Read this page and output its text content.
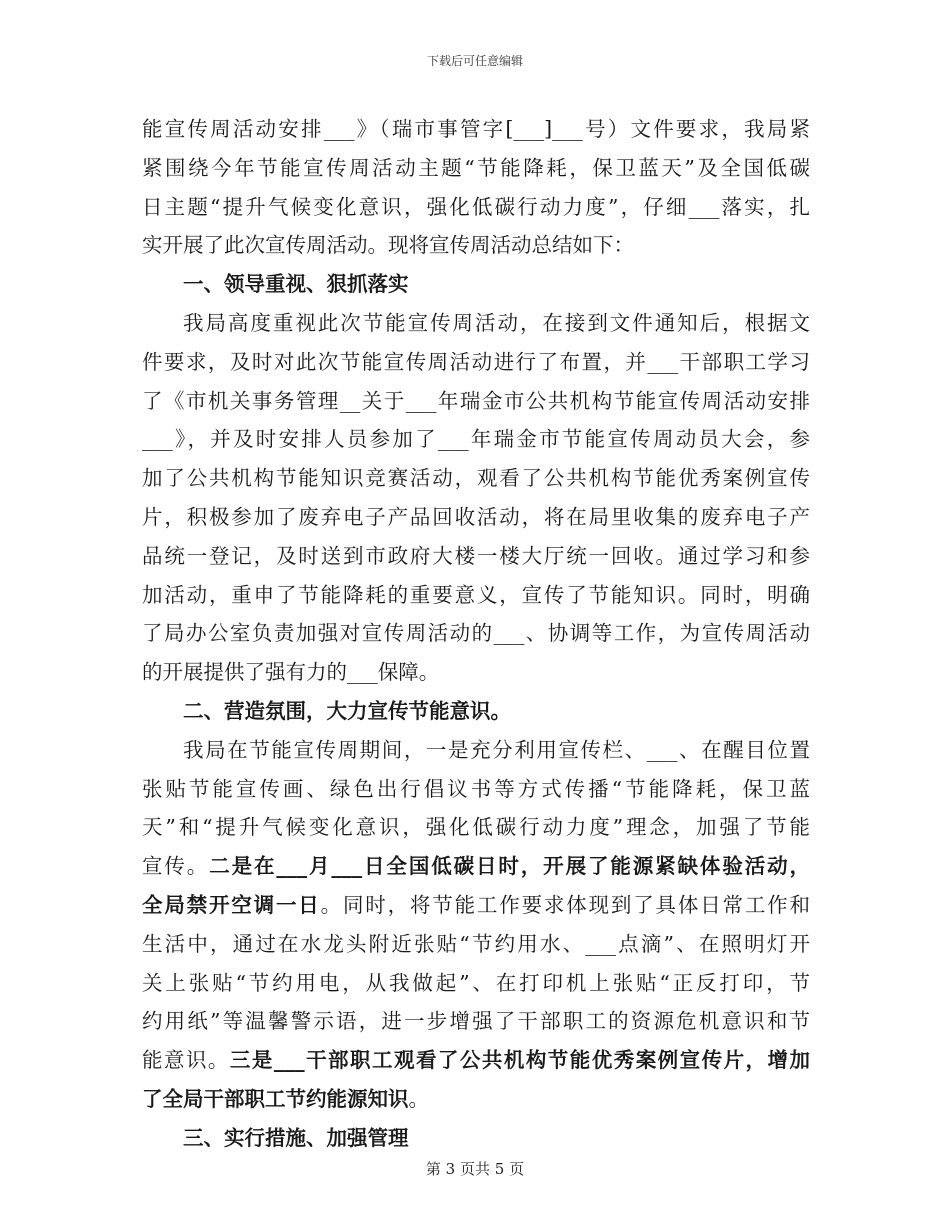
下载后可任意编辑
能宣传周活动安排___》（瑞市事管字[___]___号）文件要求，我局紧
紧围绕今年节能宣传周活动主题“节能降耗，保卫蓝天”及全国低碳
日主题“提升气候变化意识，强化低碳行动力度”，仔细___落实，扎
实开展了此次宣传周活动。现将宣传周活动总结如下：
一、领导重视、狠抓落实
我局高度重视此次节能宣传周活动，在接到文件通知后，根据文
件要求，及时对此次节能宣传周活动进行了布置，并___干部职工学习
了《市机关事务管理__关于___年瑞金市公共机构节能宣传周活动安排
___》，并及时安排人员参加了___年瑞金市节能宣传周动员大会，参
加了公共机构节能知识竞赛活动，观看了公共机构节能优秀案例宣传
片，积极参加了废弃电子产品回收活动，将在局里收集的废弃电子产
品统一登记，及时送到市政府大楼一楼大厅统一回收。通过学习和参
加活动，重申了节能降耗的重要意义，宣传了节能知识。同时，明确
了局办公室负责加强对宣传周活动的___、协调等工作，为宣传周活动
的开展提供了强有力的___保障。
二、营造氛围，大力宣传节能意识。
我局在节能宣传周期间，一是充分利用宣传栏、___、在醒目位置
张贴节能宣传画、绿色出行倡议书等方式传播“节能降耗，保卫蓝
天”和“提升气候变化意识，强化低碳行动力度”理念，加强了节能
宣传。二是在___月___日全国低碳日时，开展了能源紧缺体验活动，
全局禁开空调一日。同时，将节能工作要求体现到了具体日常工作和
生活中，通过在水龙头附近张贴“节约用水、___点滴”、在照明灯开
关上张贴“节约用电，从我做起”、在打印机上张贴“正反打印，节
约用纸”等温馨警示语，进一步增强了干部职工的资源危机意识和节
能意识。三是___干部职工观看了公共机构节能优秀案例宣传片，增加
了全局干部职工节约能源知识。
三、实行措施、加强管理
第 3 页共 5 页
